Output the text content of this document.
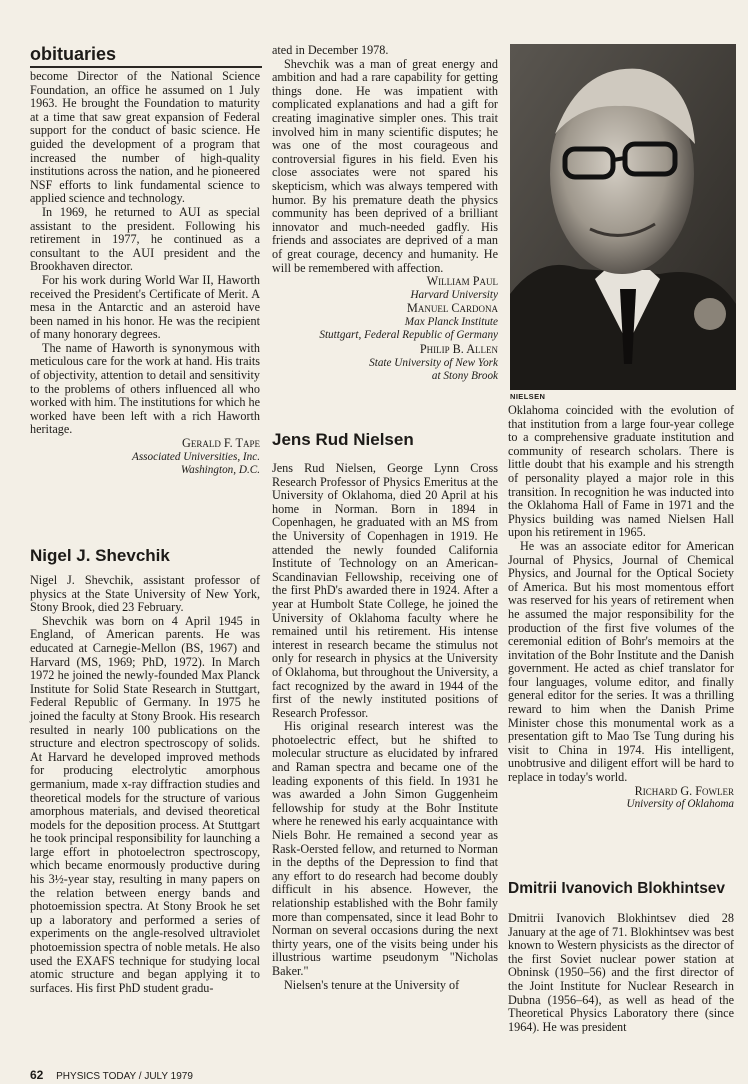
obituaries

become Director of the National Science Foundation, an office he assumed on 1 July 1963. He brought the Foundation to maturity at a time that saw great expansion of Federal support for the conduct of basic science. He guided the development of a program that increased the number of high-quality institutions across the nation, and he pioneered NSF efforts to link fundamental science to applied science and technology.

In 1969, he returned to AUI as special assistant to the president. Following his retirement in 1977, he continued as a consultant to the AUI president and the Brookhaven director.

For his work during World War II, Haworth received the President's Certificate of Merit. A mesa in the Antarctic and an asteroid have been named in his honor. He was the recipient of many honorary degrees.

The name of Haworth is synonymous with meticulous care for the work at hand. His traits of objectivity, attention to detail and sensitivity to the problems of others influenced all who worked with him. The institutions for which he worked have been left with a rich Haworth heritage.

Gerald F. Tape
Associated Universities, Inc.
Washington, D.C.
Nigel J. Shevchik

Nigel J. Shevchik, assistant professor of physics at the State University of New York, Stony Brook, died 23 February.

Shevchik was born on 4 April 1945 in England, of American parents. He was educated at Carnegie-Mellon (BS, 1967) and Harvard (MS, 1969; PhD, 1972). In March 1972 he joined the newly-founded Max Planck Institute for Solid State Research in Stuttgart, Federal Republic of Germany. In 1975 he joined the faculty at Stony Brook. His research resulted in nearly 100 publications on the structure and electron spectroscopy of solids. At Harvard he developed improved methods for producing electrolytic amorphous germanium, made x-ray diffraction studies and theoretical models for the structure of various amorphous materials, and devised theoretical models for the deposition process. At Stuttgart he took principal responsibility for launching a large effort in photoelectron spectroscopy, which became enormously productive during his 3½-year stay, resulting in many papers on the relation between energy bands and photoemission spectra. At Stony Brook he set up a laboratory and performed a series of experiments on the angle-resolved ultraviolet photoemission spectra of noble metals. He also used the EXAFS technique for studying local atomic structure and began applying it to surfaces. His first PhD student gradu-

ated in December 1978.

Shevchik was a man of great energy and ambition and had a rare capability for getting things done. He was impatient with complicated explanations and had a gift for creating imaginative simpler ones. This trait involved him in many scientific disputes; he was one of the most courageous and controversial figures in his field. Even his close associates were not spared his skepticism, which was always tempered with humor. By his premature death the physics community has been deprived of a brilliant innovator and much-needed gadfly. His friends and associates are deprived of a man of great courage, decency and humanity. He will be remembered with affection.

William Paul
Harvard University
Manuel Cardona
Max Planck Institute
Stuttgart, Federal Republic of Germany
Philip B. Allen
State University of New York
at Stony Brook
Jens Rud Nielsen

Jens Rud Nielsen, George Lynn Cross Research Professor of Physics Emeritus at the University of Oklahoma, died 20 April at his home in Norman. Born in 1894 in Copenhagen, he graduated with an MS from the University of Copenhagen in 1919. He attended the newly founded California Institute of Technology on an American-Scandinavian Fellowship, receiving one of the first PhD's awarded there in 1924. After a year at Humbolt State College, he joined the University of Oklahoma faculty where he remained until his retirement. His intense interest in research became the stimulus not only for research in physics at the University of Oklahoma, but throughout the University, a fact recognized by the award in 1944 of the first of the newly instituted positions of Research Professor.

His original research interest was the photoelectric effect, but he shifted to molecular structure as elucidated by infrared and Raman spectra and became one of the leading exponents of this field. In 1931 he was awarded a John Simon Guggenheim fellowship for study at the Bohr Institute where he renewed his early acquaintance with Niels Bohr. He remained a second year as Rask-Oersted fellow, and returned to Norman in the depths of the Depression to find that any effort to do research had become doubly difficult in his absence. However, the relationship established with the Bohr family more than compensated, since it lead Bohr to Norman on several occasions during the next thirty years, one of the visits being under his illustrious wartime pseudonym "Nicholas Baker."

Nielsen's tenure at the University of

NIELSEN

Oklahoma coincided with the evolution of that institution from a large four-year college to a comprehensive graduate institution and community of research scholars. There is little doubt that his example and his strength of personality played a major role in this transition. In recognition he was inducted into the Oklahoma Hall of Fame in 1971 and the Physics building was named Nielsen Hall upon his retirement in 1965.

He was an associate editor for American Journal of Physics, Journal of Chemical Physics, and Journal for the Optical Society of America. But his most momentous effort was reserved for his years of retirement when he assumed the major responsibility for the production of the first five volumes of the ceremonial edition of Bohr's memoirs at the invitation of the Bohr Institute and the Danish government. He acted as chief translator for four languages, volume editor, and finally general editor for the series. It was a thrilling reward to him when the Danish Prime Minister chose this monumental work as a presentation gift to Mao Tse Tung during his visit to China in 1974. His intelligent, unobtrusive and diligent effort will be hard to replace in today's world.

Richard G. Fowler
University of Oklahoma
Dmitrii Ivanovich Blokhintsev

Dmitrii Ivanovich Blokhintsev died 28 January at the age of 71. Blokhintsev was best known to Western physicists as the director of the first Soviet nuclear power station at Obninsk (1950–56) and the first director of the Joint Institute for Nuclear Research in Dubna (1956–64), as well as head of the Theoretical Physics Laboratory there (since 1964). He was president

62 PHYSICS TODAY / JULY 1979
